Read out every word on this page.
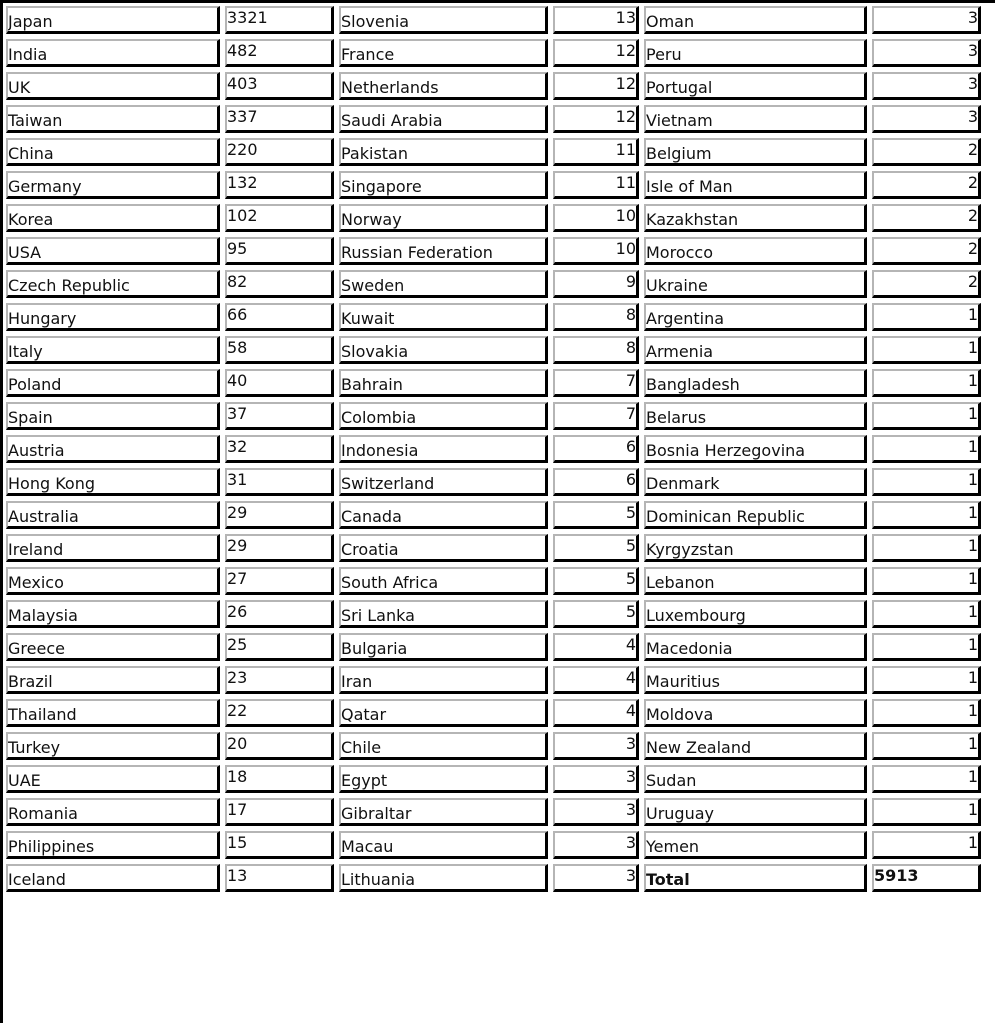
Japan	3321	Slovenia	13	Oman	3
India	482	France	12	Peru	3
UK	403	Netherlands	12	Portugal	3
Taiwan	337	Saudi Arabia	12	Vietnam	3
China	220	Pakistan	11	Belgium	2
Germany	132	Singapore	11	Isle of Man	2
Korea	102	Norway	10	Kazakhstan	2
USA	95	Russian Federation	10	Morocco	2
Czech Republic	82	Sweden	9	Ukraine	2
Hungary	66	Kuwait	8	Argentina	1
Italy	58	Slovakia	8	Armenia	1
Poland	40	Bahrain	7	Bangladesh	1
Spain	37	Colombia	7	Belarus	1
Austria	32	Indonesia	6	Bosnia Herzegovina	1
Hong Kong	31	Switzerland	6	Denmark	1
Australia	29	Canada	5	Dominican Republic	1
Ireland	29	Croatia	5	Kyrgyzstan	1
Mexico	27	South Africa	5	Lebanon	1
Malaysia	26	Sri Lanka	5	Luxembourg	1
Greece	25	Bulgaria	4	Macedonia	1
Brazil	23	Iran	4	Mauritius	1
Thailand	22	Qatar	4	Moldova	1
Turkey	20	Chile	3	New Zealand	1
UAE	18	Egypt	3	Sudan	1
Romania	17	Gibraltar	3	Uruguay	1
Philippines	15	Macau	3	Yemen	1
Iceland	13	Lithuania	3	Total	5913
